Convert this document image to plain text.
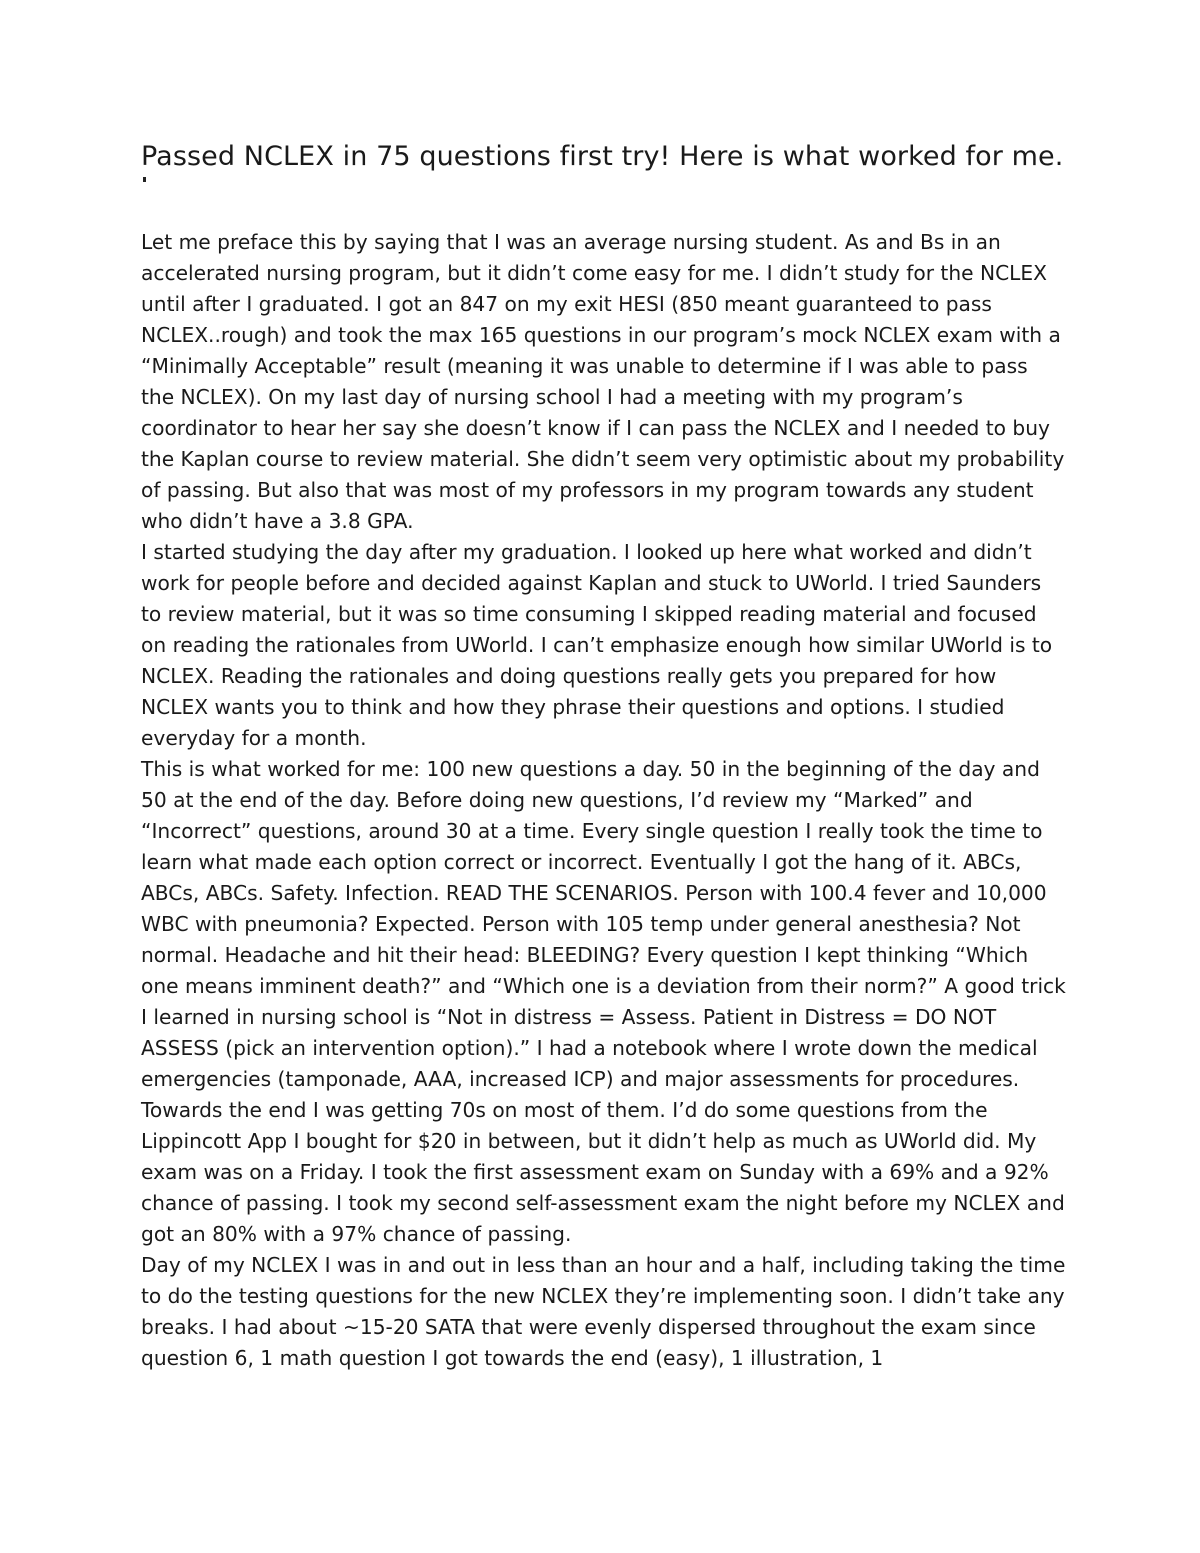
Passed NCLEX in 75 questions first try! Here is what worked for me.

Let me preface this by saying that I was an average nursing student. As and Bs in an accelerated nursing program, but it didn’t come easy for me. I didn’t study for the NCLEX until after I graduated. I got an 847 on my exit HESI (850 meant guaranteed to pass NCLEX..rough) and took the max 165 questions in our program’s mock NCLEX exam with a “Minimally Acceptable” result (meaning it was unable to determine if I was able to pass the NCLEX). On my last day of nursing school I had a meeting with my program’s coordinator to hear her say she doesn’t know if I can pass the NCLEX and I needed to buy the Kaplan course to review material. She didn’t seem very optimistic about my probability of passing. But also that was most of my professors in my program towards any student who didn’t have a 3.8 GPA.

I started studying the day after my graduation. I looked up here what worked and didn’t work for people before and decided against Kaplan and stuck to UWorld. I tried Saunders to review material, but it was so time consuming I skipped reading material and focused on reading the rationales from UWorld. I can’t emphasize enough how similar UWorld is to NCLEX. Reading the rationales and doing questions really gets you prepared for how NCLEX wants you to think and how they phrase their questions and options. I studied everyday for a month.

This is what worked for me: 100 new questions a day. 50 in the beginning of the day and 50 at the end of the day. Before doing new questions, I’d review my “Marked” and “Incorrect” questions, around 30 at a time. Every single question I really took the time to learn what made each option correct or incorrect. Eventually I got the hang of it. ABCs, ABCs, ABCs. Safety. Infection. READ THE SCENARIOS. Person with 100.4 fever and 10,000 WBC with pneumonia? Expected. Person with 105 temp under general anesthesia? Not normal. Headache and hit their head: BLEEDING? Every question I kept thinking “Which one means imminent death?” and “Which one is a deviation from their norm?” A good trick I learned in nursing school is “Not in distress = Assess. Patient in Distress = DO NOT ASSESS (pick an intervention option).” I had a notebook where I wrote down the medical emergencies (tamponade, AAA, increased ICP) and major assessments for procedures. Towards the end I was getting 70s on most of them. I’d do some questions from the Lippincott App I bought for $20 in between, but it didn’t help as much as UWorld did. My exam was on a Friday. I took the first assessment exam on Sunday with a 69% and a 92% chance of passing. I took my second self-assessment exam the night before my NCLEX and got an 80% with a 97% chance of passing.

Day of my NCLEX I was in and out in less than an hour and a half, including taking the time to do the testing questions for the new NCLEX they’re implementing soon. I didn’t take any breaks. I had about ~15-20 SATA that were evenly dispersed throughout the exam since question 6, 1 math question I got towards the end (easy), 1 illustration, 1
